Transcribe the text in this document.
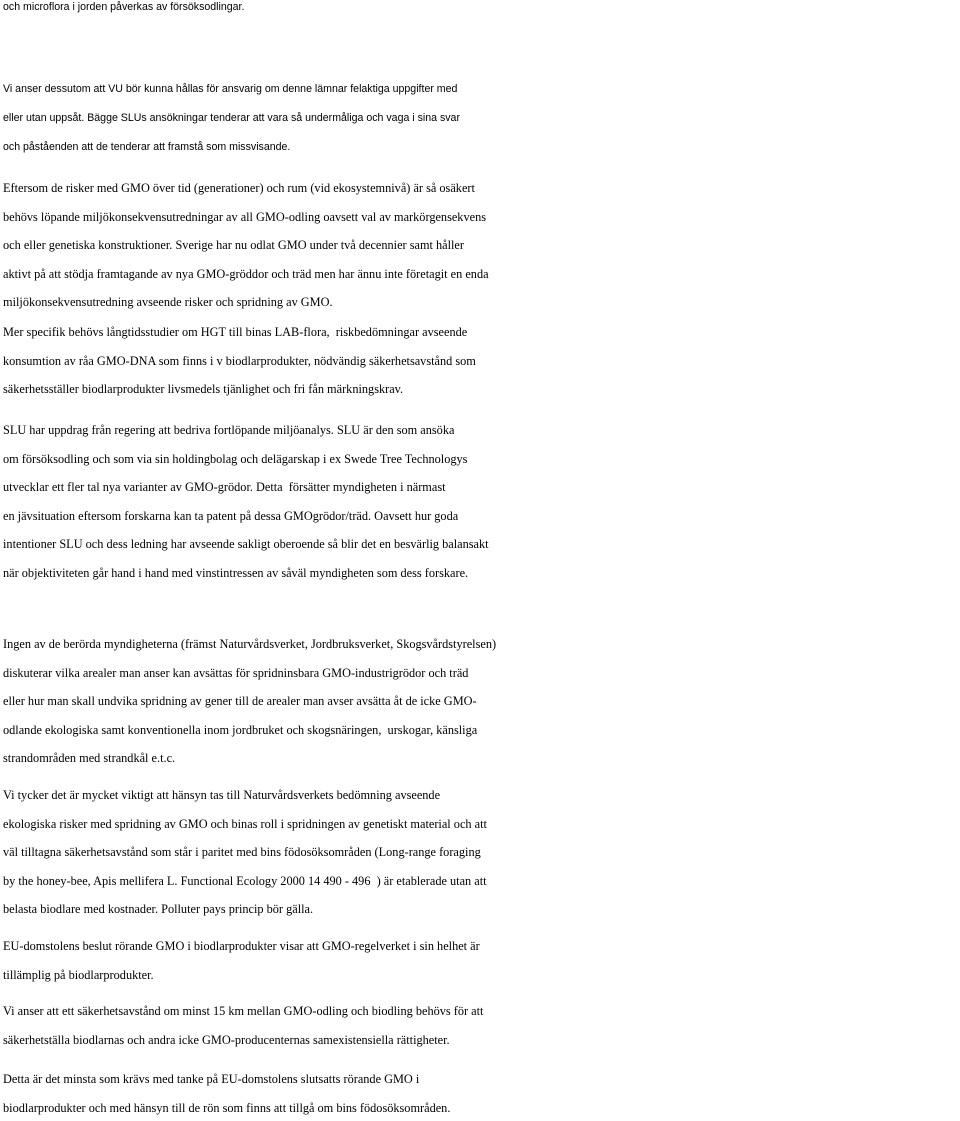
och microflora i jorden påverkas av försöksodlingar.

Vi anser dessutom att VU bör kunna hållas för ansvarig om denne lämnar felaktiga uppgifter med
eller utan uppsåt. Bägge SLUs ansökningar tenderar att vara så undermåliga och vaga i sina svar
och påståenden att de tenderar att framstå som missvisande.

Eftersom de risker med GMO över tid (generationer) och rum (vid ekosystemnivå) är så osäkert
behövs löpande miljökonsekvensutredningar av all GMO-odling oavsett val av markörgensekvens
och eller genetiska konstruktioner. Sverige har nu odlat GMO under två decennier samt håller
aktivt på att stödja framtagande av nya GMO-gröddor och träd men har ännu inte företagit en enda
miljökonsekvensutredning avseende risker och spridning av GMO.

Mer specifik behövs långtidsstudier om HGT till binas LAB-flora,  riskbedömningar avseende
konsumtion av råa GMO-DNA som finns i v biodlarprodukter, nödvändig säkerhetsavstånd som
säkerhetsställer biodlarprodukter livsmedels tjänlighet och fri fån märkningskrav.

SLU har uppdrag från regering att bedriva fortlöpande miljöanalys. SLU är den som ansöka
om försöksodling och som via sin holdingbolag och delägarskap i ex Swede Tree Technologys
utvecklar ett fler tal nya varianter av GMO-grödor. Detta  försätter myndigheten i närmast
en jävsituation eftersom forskarna kan ta patent på dessa GMOgrödor/träd. Oavsett hur goda
intentioner SLU och dess ledning har avseende sakligt oberoende så blir det en besvärlig balansakt
när objektiviteten går hand i hand med vinstintressen av såväl myndigheten som dess forskare.

Ingen av de berörda myndigheterna (främst Naturvårdsverket, Jordbruksverket, Skogsvårdstyrelsen)
diskuterar vilka arealer man anser kan avsättas för spridninsbara GMO-industrigrödor och träd
eller hur man skall undvika spridning av gener till de arealer man avser avsätta åt de icke GMO-
odlande ekologiska samt konventionella inom jordbruket och skogsnäringen,  urskogar, känsliga
strandområden med strandkål e.t.c.

Vi tycker det är mycket viktigt att hänsyn tas till Naturvårdsverkets bedömning avseende
ekologiska risker med spridning av GMO och binas roll i spridningen av genetiskt material och att
väl tilltagna säkerhetsavstånd som står i paritet med bins födosöksområden (Long-range foraging
by the honey-bee, Apis mellifera L. Functional Ecology 2000 14 490 - 496  ) är etablerade utan att
belasta biodlare med kostnader. Polluter pays princip bör gälla.

EU-domstolens beslut rörande GMO i biodlarprodukter visar att GMO-regelverket i sin helhet är
tillämplig på biodlarprodukter.

Vi anser att ett säkerhetsavstånd om minst 15 km mellan GMO-odling och biodling behövs för att
säkerhetställa biodlarnas och andra icke GMO-producenternas samexistensiella rättigheter.

Detta är det minsta som krävs med tanke på EU-domstolens slutsatts rörande GMO i
biodlarprodukter och med hänsyn till de rön som finns att tillgå om bins födosöksområden.
